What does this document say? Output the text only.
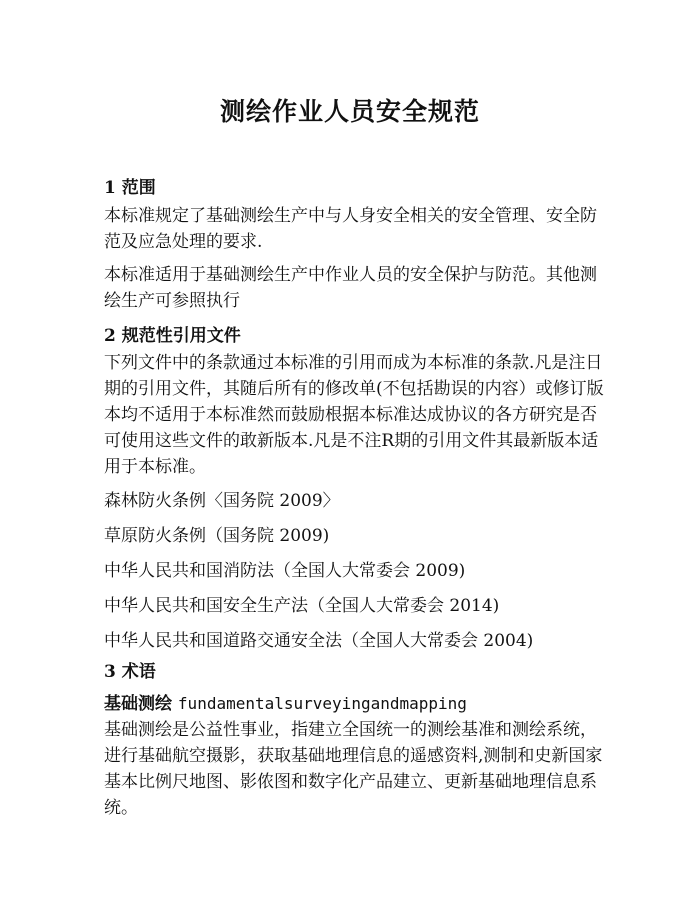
测绘作业人员安全规范
1 范围

本标准规定了基础测绘生产中与人身安全相关的安全管理、安全防范及应急处理的要求.

本标准适用于基础测绘生产中作业人员的安全保护与防范。其他测绘生产可参照执行

2 规范性引用文件

下列文件中的条款通过本标准的引用而成为本标准的条款.凡是注日期的引用文件，其随后所有的修改单(不包括勘误的内容）或修订版本均不适用于本标准然而鼓励根据本标准达成协议的各方研究是否可使用这些文件的敢新版本.凡是不注R期的引用文件其最新版本适用于本标准。

森林防火条例〈国务院 2009〉
草原防火条例（国务院 2009)
中华人民共和国消防法（全国人大常委会 2009)
中华人民共和国安全生产法（全国人大常委会 2014)
中华人民共和国道路交通安全法（全国人大常委会 2004)
3 术语
基础测绘 fundamentalsurveyingandmapping

基础测绘是公益性事业，指建立全国统一的测绘基准和测绘系统，进行基础航空摄影，获取基础地理信息的遥感资料,测制和史新国家基本比例尺地图、影侬图和数字化产品建立、更新基础地理信息系统。
